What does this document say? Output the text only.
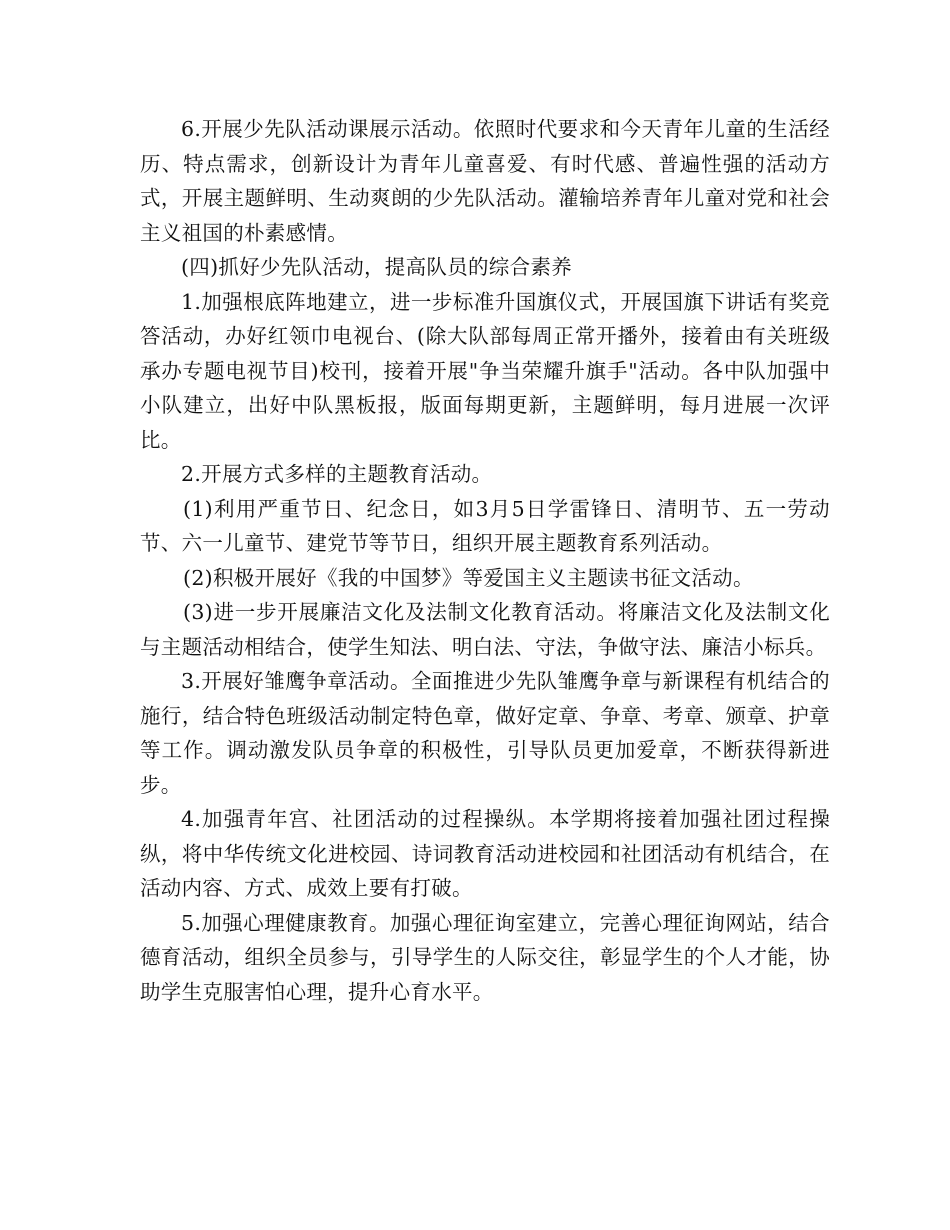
6.开展少先队活动课展示活动。依照时代要求和今天青年儿童的生活经历、特点需求，创新设计为青年儿童喜爱、有时代感、普遍性强的活动方式，开展主题鲜明、生动爽朗的少先队活动。灌输培养青年儿童对党和社会主义祖国的朴素感情。

(四)抓好少先队活动，提高队员的综合素养

1.加强根底阵地建立，进一步标准升国旗仪式，开展国旗下讲话有奖竞答活动，办好红领巾电视台、(除大队部每周正常开播外，接着由有关班级承办专题电视节目)校刊，接着开展"争当荣耀升旗手"活动。各中队加强中小队建立，出好中队黑板报，版面每期更新，主题鲜明，每月进展一次评比。

2.开展方式多样的主题教育活动。

(1)利用严重节日、纪念日，如3月5日学雷锋日、清明节、五一劳动节、六一儿童节、建党节等节日，组织开展主题教育系列活动。

(2)积极开展好《我的中国梦》等爱国主义主题读书征文活动。

(3)进一步开展廉洁文化及法制文化教育活动。将廉洁文化及法制文化与主题活动相结合，使学生知法、明白法、守法，争做守法、廉洁小标兵。

3.开展好雏鹰争章活动。全面推进少先队雏鹰争章与新课程有机结合的施行，结合特色班级活动制定特色章，做好定章、争章、考章、颁章、护章等工作。调动激发队员争章的积极性，引导队员更加爱章，不断获得新进步。

4.加强青年宫、社团活动的过程操纵。本学期将接着加强社团过程操纵，将中华传统文化进校园、诗词教育活动进校园和社团活动有机结合，在活动内容、方式、成效上要有打破。

5.加强心理健康教育。加强心理征询室建立，完善心理征询网站，结合德育活动，组织全员参与，引导学生的人际交往，彰显学生的个人才能，协助学生克服害怕心理，提升心育水平。
